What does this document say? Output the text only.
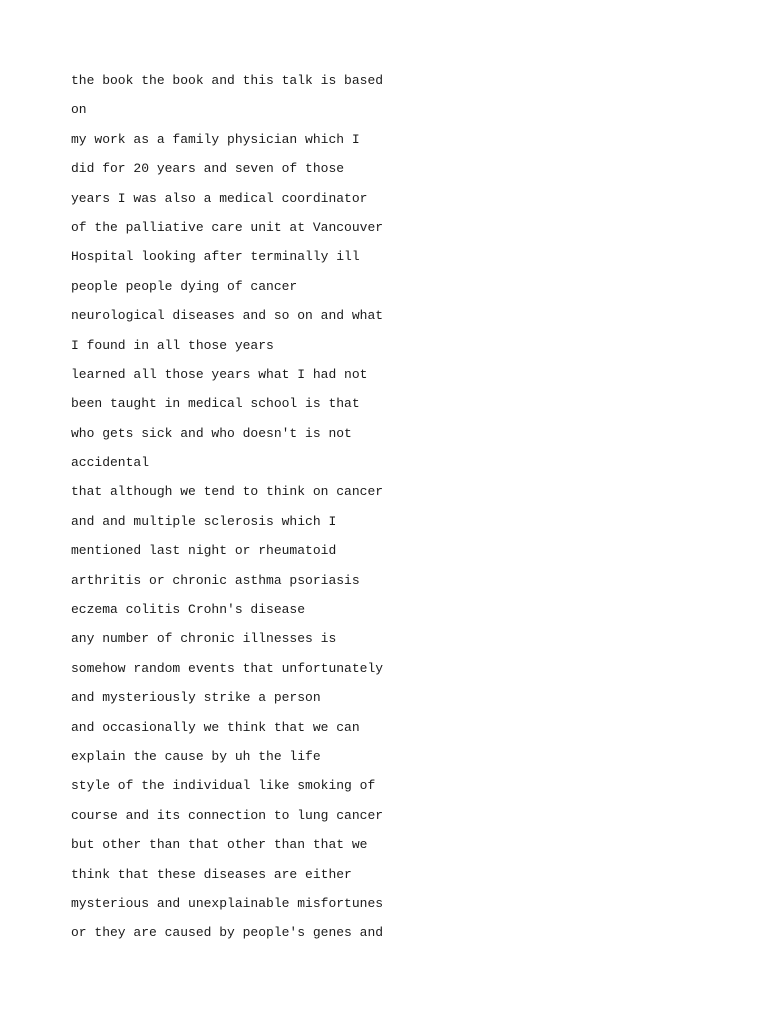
the book the book and this talk is based
on
my work as a family physician which I
did for 20 years and seven of those
years I was also a medical coordinator
of the palliative care unit at Vancouver
Hospital looking after terminally ill
people people dying of cancer
neurological diseases and so on and what
I found in all those years
learned all those years what I had not
been taught in medical school is that
who gets sick and who doesn't is not
accidental
that although we tend to think on cancer
and and multiple sclerosis which I
mentioned last night or rheumatoid
arthritis or chronic asthma psoriasis
eczema colitis Crohn's disease
any number of chronic illnesses is
somehow random events that unfortunately
and mysteriously strike a person
and occasionally we think that we can
explain the cause by uh the life
style of the individual like smoking of
course and its connection to lung cancer
but other than that other than that we
think that these diseases are either
mysterious and unexplainable misfortunes
or they are caused by people's genes and
